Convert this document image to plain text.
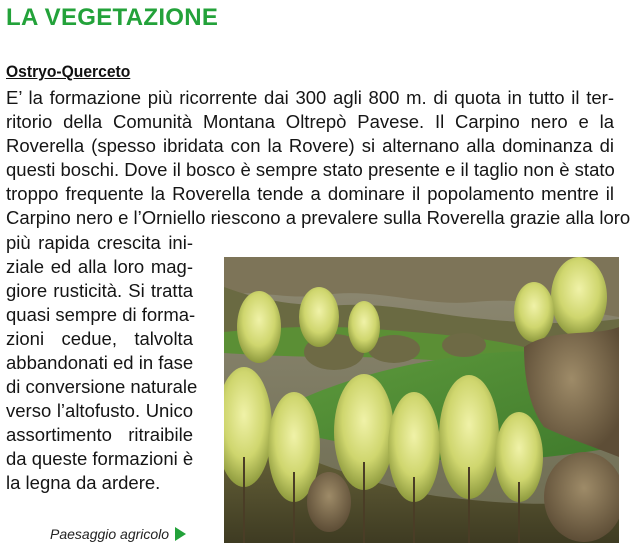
LA VEGETAZIONE
Ostryo-Querceto
E’ la formazione più ricorrente dai 300 agli 800 m. di quota in tutto il ter-
ritorio della Comunità Montana Oltrepò Pavese. Il Carpino nero e la
Roverella (spesso ibridata con la Rovere) si alternano alla dominanza di
questi boschi. Dove il bosco è sempre stato presente e il taglio non è stato
troppo frequente la Roverella tende a dominare il popolamento mentre il
Carpino nero e l’Orniello riescono a prevalere sulla Roverella grazie alla loro
più rapida crescita ini-
ziale ed alla loro mag-
giore rusticità. Si tratta
quasi sempre di forma-
zioni cedue, talvolta
abbandonati ed in fase
di conversione naturale
verso l’altofusto. Unico
assortimento ritraibile
da queste formazioni è
la legna da ardere.
Paesaggio agricolo
